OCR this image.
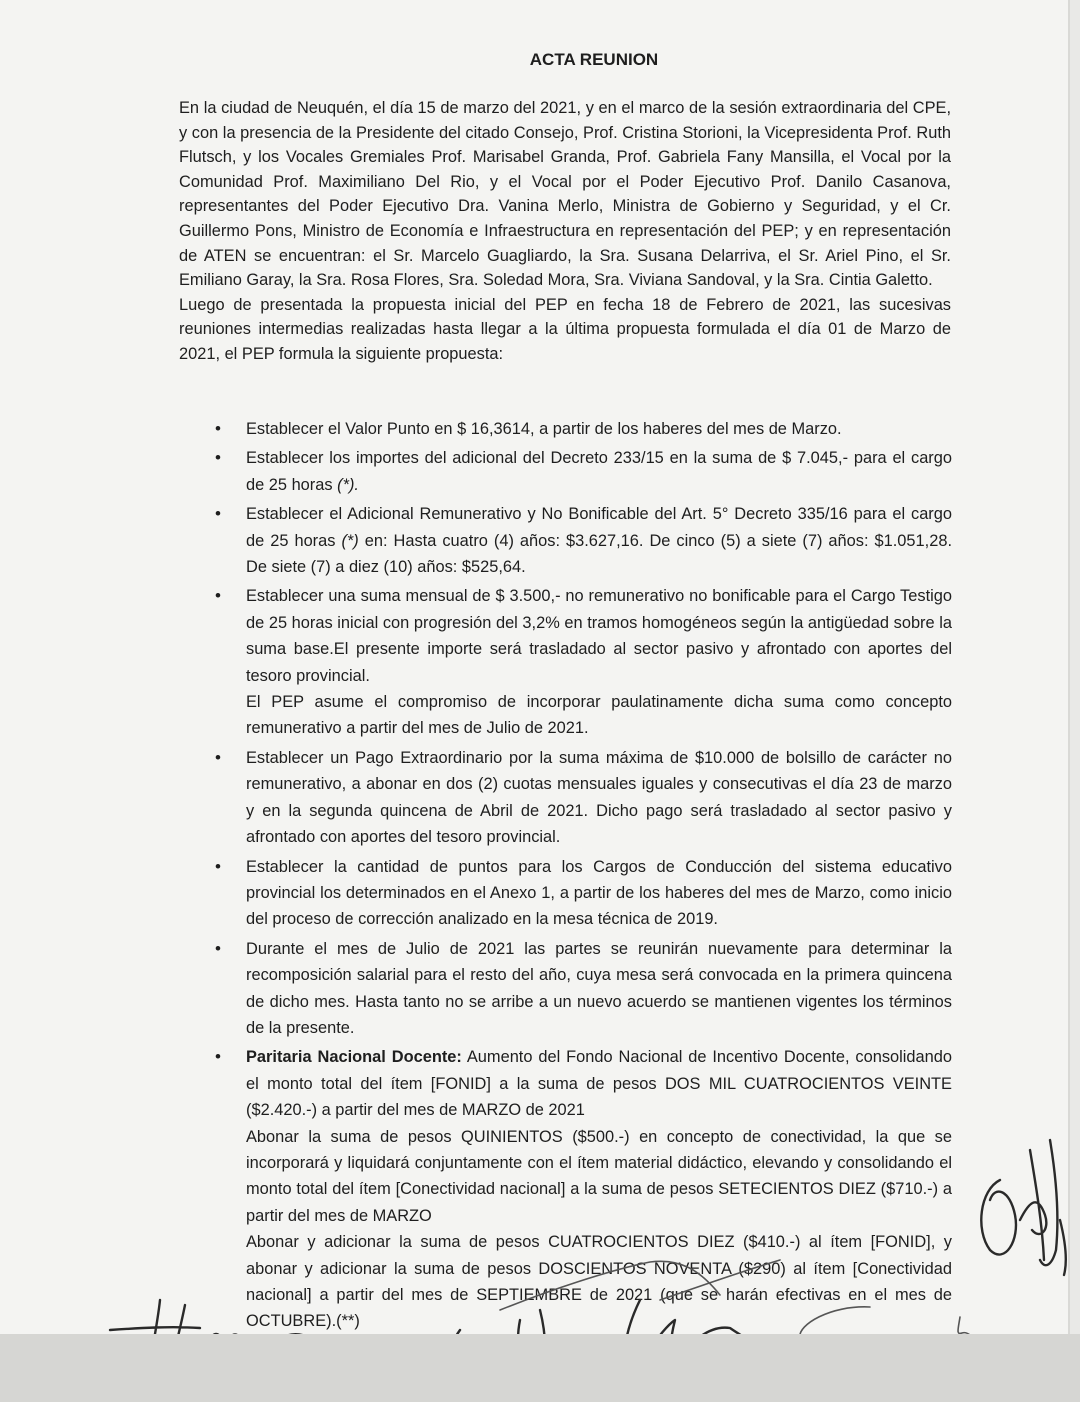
ACTA REUNION

En la ciudad de Neuquén, el día 15 de marzo del 2021, y en el marco de la sesión extraordinaria del CPE, y con la presencia de la Presidente del citado Consejo, Prof. Cristina Storioni, la Vicepresidenta Prof. Ruth Flutsch, y los Vocales Gremiales Prof. Marisabel Granda, Prof. Gabriela Fany Mansilla, el Vocal por la Comunidad Prof. Maximiliano Del Rio, y el Vocal por el Poder Ejecutivo Prof. Danilo Casanova, representantes del Poder Ejecutivo Dra. Vanina Merlo, Ministra de Gobierno y Seguridad, y el Cr. Guillermo Pons, Ministro de Economía e Infraestructura en representación del PEP; y en representación de ATEN se encuentran: el Sr. Marcelo Guagliardo, la Sra. Susana Delarriva, el Sr. Ariel Pino, el Sr. Emiliano Garay, la Sra. Rosa Flores, Sra. Soledad Mora, Sra. Viviana Sandoval, y la Sra. Cintia Galetto.

Luego de presentada la propuesta inicial del PEP en fecha 18 de Febrero de 2021, las sucesivas reuniones intermedias realizadas hasta llegar a la última propuesta formulada el día 01 de Marzo de 2021, el PEP formula la siguiente propuesta:

• Establecer el Valor Punto en $ 16,3614, a partir de los haberes del mes de Marzo.

• Establecer los importes del adicional del Decreto 233/15 en la suma de $ 7.045,- para el cargo de 25 horas (*).

• Establecer el Adicional Remunerativo y No Bonificable del Art. 5° Decreto 335/16 para el cargo de 25 horas (*) en: Hasta cuatro (4) años: $3.627,16. De cinco (5) a siete (7) años: $1.051,28. De siete (7) a diez (10) años: $525,64.

• Establecer una suma mensual de $ 3.500,- no remunerativo no bonificable para el Cargo Testigo de 25 horas inicial con progresión del 3,2% en tramos homogéneos según la antigüedad sobre la suma base.El presente importe será trasladado al sector pasivo y afrontado con aportes del tesoro provincial.

El PEP asume el compromiso de incorporar paulatinamente dicha suma como concepto remunerativo a partir del mes de Julio de 2021.

• Establecer un Pago Extraordinario por la suma máxima de $10.000 de bolsillo de carácter no remunerativo, a abonar en dos (2) cuotas mensuales iguales y consecutivas el día 23 de marzo y en la segunda quincena de Abril de 2021. Dicho pago será trasladado al sector pasivo y afrontado con aportes del tesoro provincial.

• Establecer la cantidad de puntos para los Cargos de Conducción del sistema educativo provincial los determinados en el Anexo 1, a partir de los haberes del mes de Marzo, como inicio del proceso de corrección analizado en la mesa técnica de 2019.

• Durante el mes de Julio de 2021 las partes se reunirán nuevamente para determinar la recomposición salarial para el resto del año, cuya mesa será convocada en la primera quincena de dicho mes. Hasta tanto no se arribe a un nuevo acuerdo se mantienen vigentes los términos de la presente.

• Paritaria Nacional Docente: Aumento del Fondo Nacional de Incentivo Docente, consolidando el monto total del ítem [FONID] a la suma de pesos DOS MIL CUATROCIENTOS VEINTE ($2.420.-) a partir del mes de MARZO de 2021

Abonar la suma de pesos QUINIENTOS ($500.-) en concepto de conectividad, la que se incorporará y liquidará conjuntamente con el ítem material didáctico, elevando y consolidando el monto total del ítem [Conectividad nacional] a la suma de pesos SETECIENTOS DIEZ ($710.-) a partir del mes de MARZO

Abonar y adicionar la suma de pesos CUATROCIENTOS DIEZ ($410.-) al ítem [FONID], y abonar y adicionar la suma de pesos DOSCIENTOS NOVENTA ($290) al ítem [Conectividad nacional] a partir del mes de SEPTIEMBRE de 2021 (que se harán efectivas en el mes de OCTUBRE).(**)
